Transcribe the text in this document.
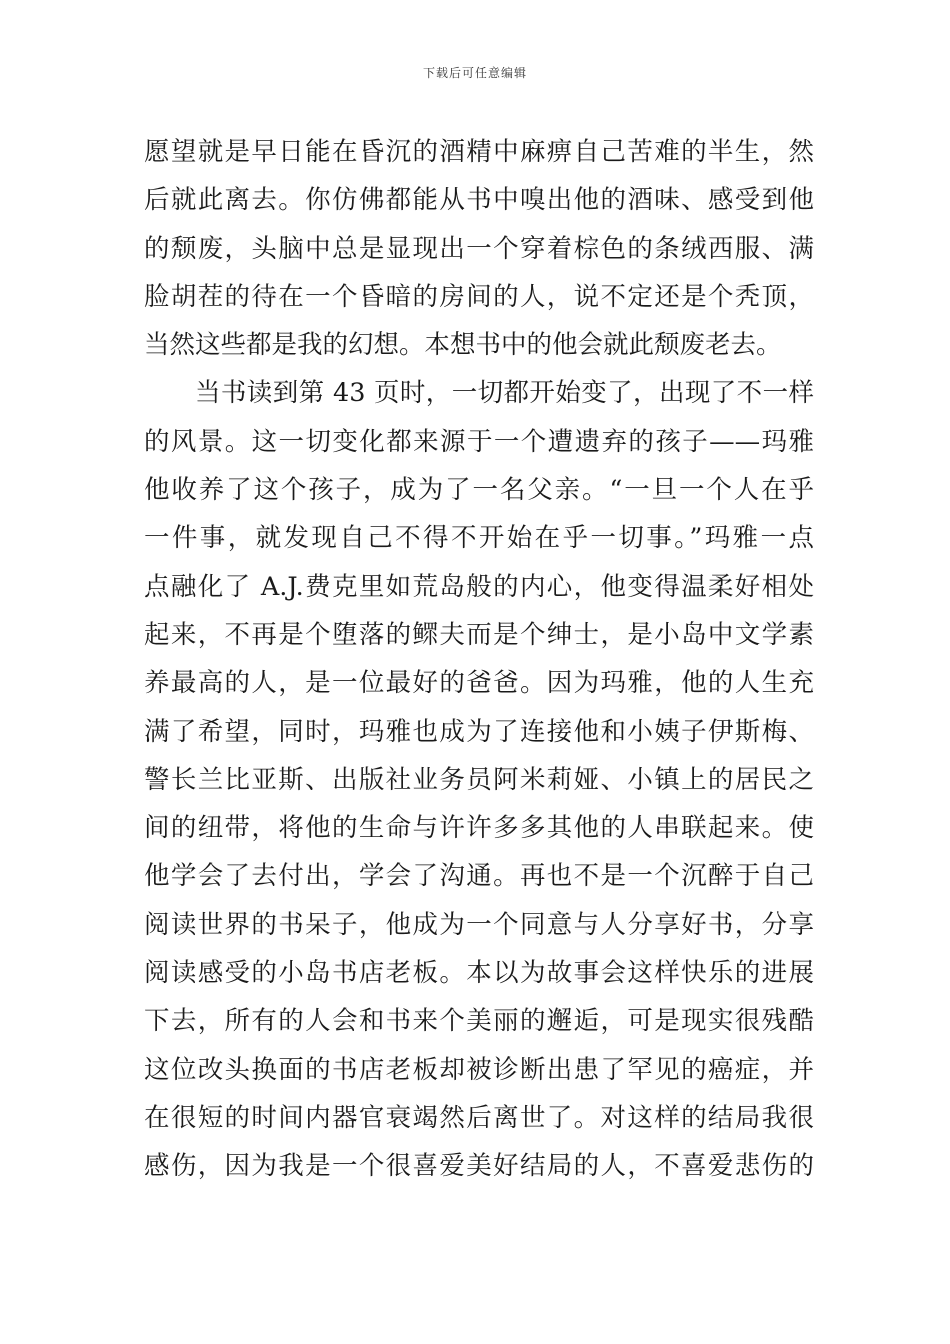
下载后可任意编辑
愿望就是早日能在昏沉的酒精中麻痹自己苦难的半生，然
后就此离去。你仿佛都能从书中嗅出他的酒味、感受到他
的颓废，头脑中总是显现出一个穿着棕色的条绒西服、满
脸胡茬的待在一个昏暗的房间的人，说不定还是个秃顶，
当然这些都是我的幻想。本想书中的他会就此颓废老去。
当书读到第 43 页时，一切都开始变了，出现了不一样
的风景。这一切变化都来源于一个遭遗弃的孩子——玛雅
他收养了这个孩子，成为了一名父亲。“一旦一个人在乎
一件事，就发现自己不得不开始在乎一切事。”玛雅一点
点融化了 A.J.费克里如荒岛般的内心，他变得温柔好相处
起来，不再是个堕落的鳏夫而是个绅士，是小岛中文学素
养最高的人，是一位最好的爸爸。因为玛雅，他的人生充
满了希望，同时，玛雅也成为了连接他和小姨子伊斯梅、
警长兰比亚斯、出版社业务员阿米莉娅、小镇上的居民之
间的纽带，将他的生命与许许多多其他的人串联起来。使
他学会了去付出，学会了沟通。再也不是一个沉醉于自己
阅读世界的书呆子，他成为一个同意与人分享好书，分享
阅读感受的小岛书店老板。本以为故事会这样快乐的进展
下去，所有的人会和书来个美丽的邂逅，可是现实很残酷
这位改头换面的书店老板却被诊断出患了罕见的癌症，并
在很短的时间内器官衰竭然后离世了。对这样的结局我很
感伤，因为我是一个很喜爱美好结局的人，不喜爱悲伤的
